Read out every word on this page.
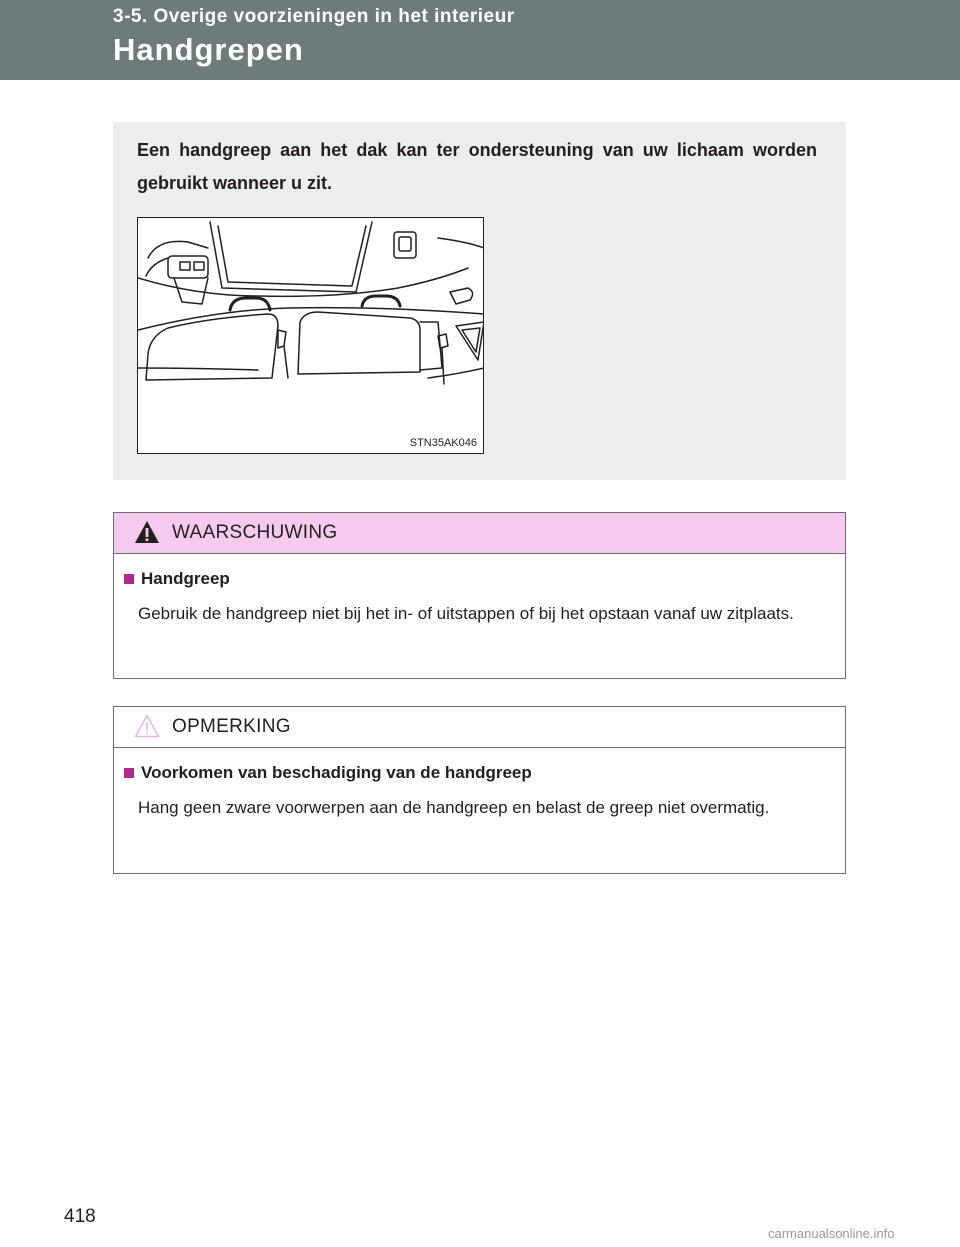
3-5. Overige voorzieningen in het interieur
Handgrepen
Een handgreep aan het dak kan ter ondersteuning van uw lichaam worden gebruikt wanneer u zit.
STN35AK046
WAARSCHUWING
Handgreep
Gebruik de handgreep niet bij het in- of uitstappen of bij het opstaan vanaf uw zitplaats.
OPMERKING
Voorkomen van beschadiging van de handgreep
Hang geen zware voorwerpen aan de handgreep en belast de greep niet overmatig.
418
carmanualsonline.info
